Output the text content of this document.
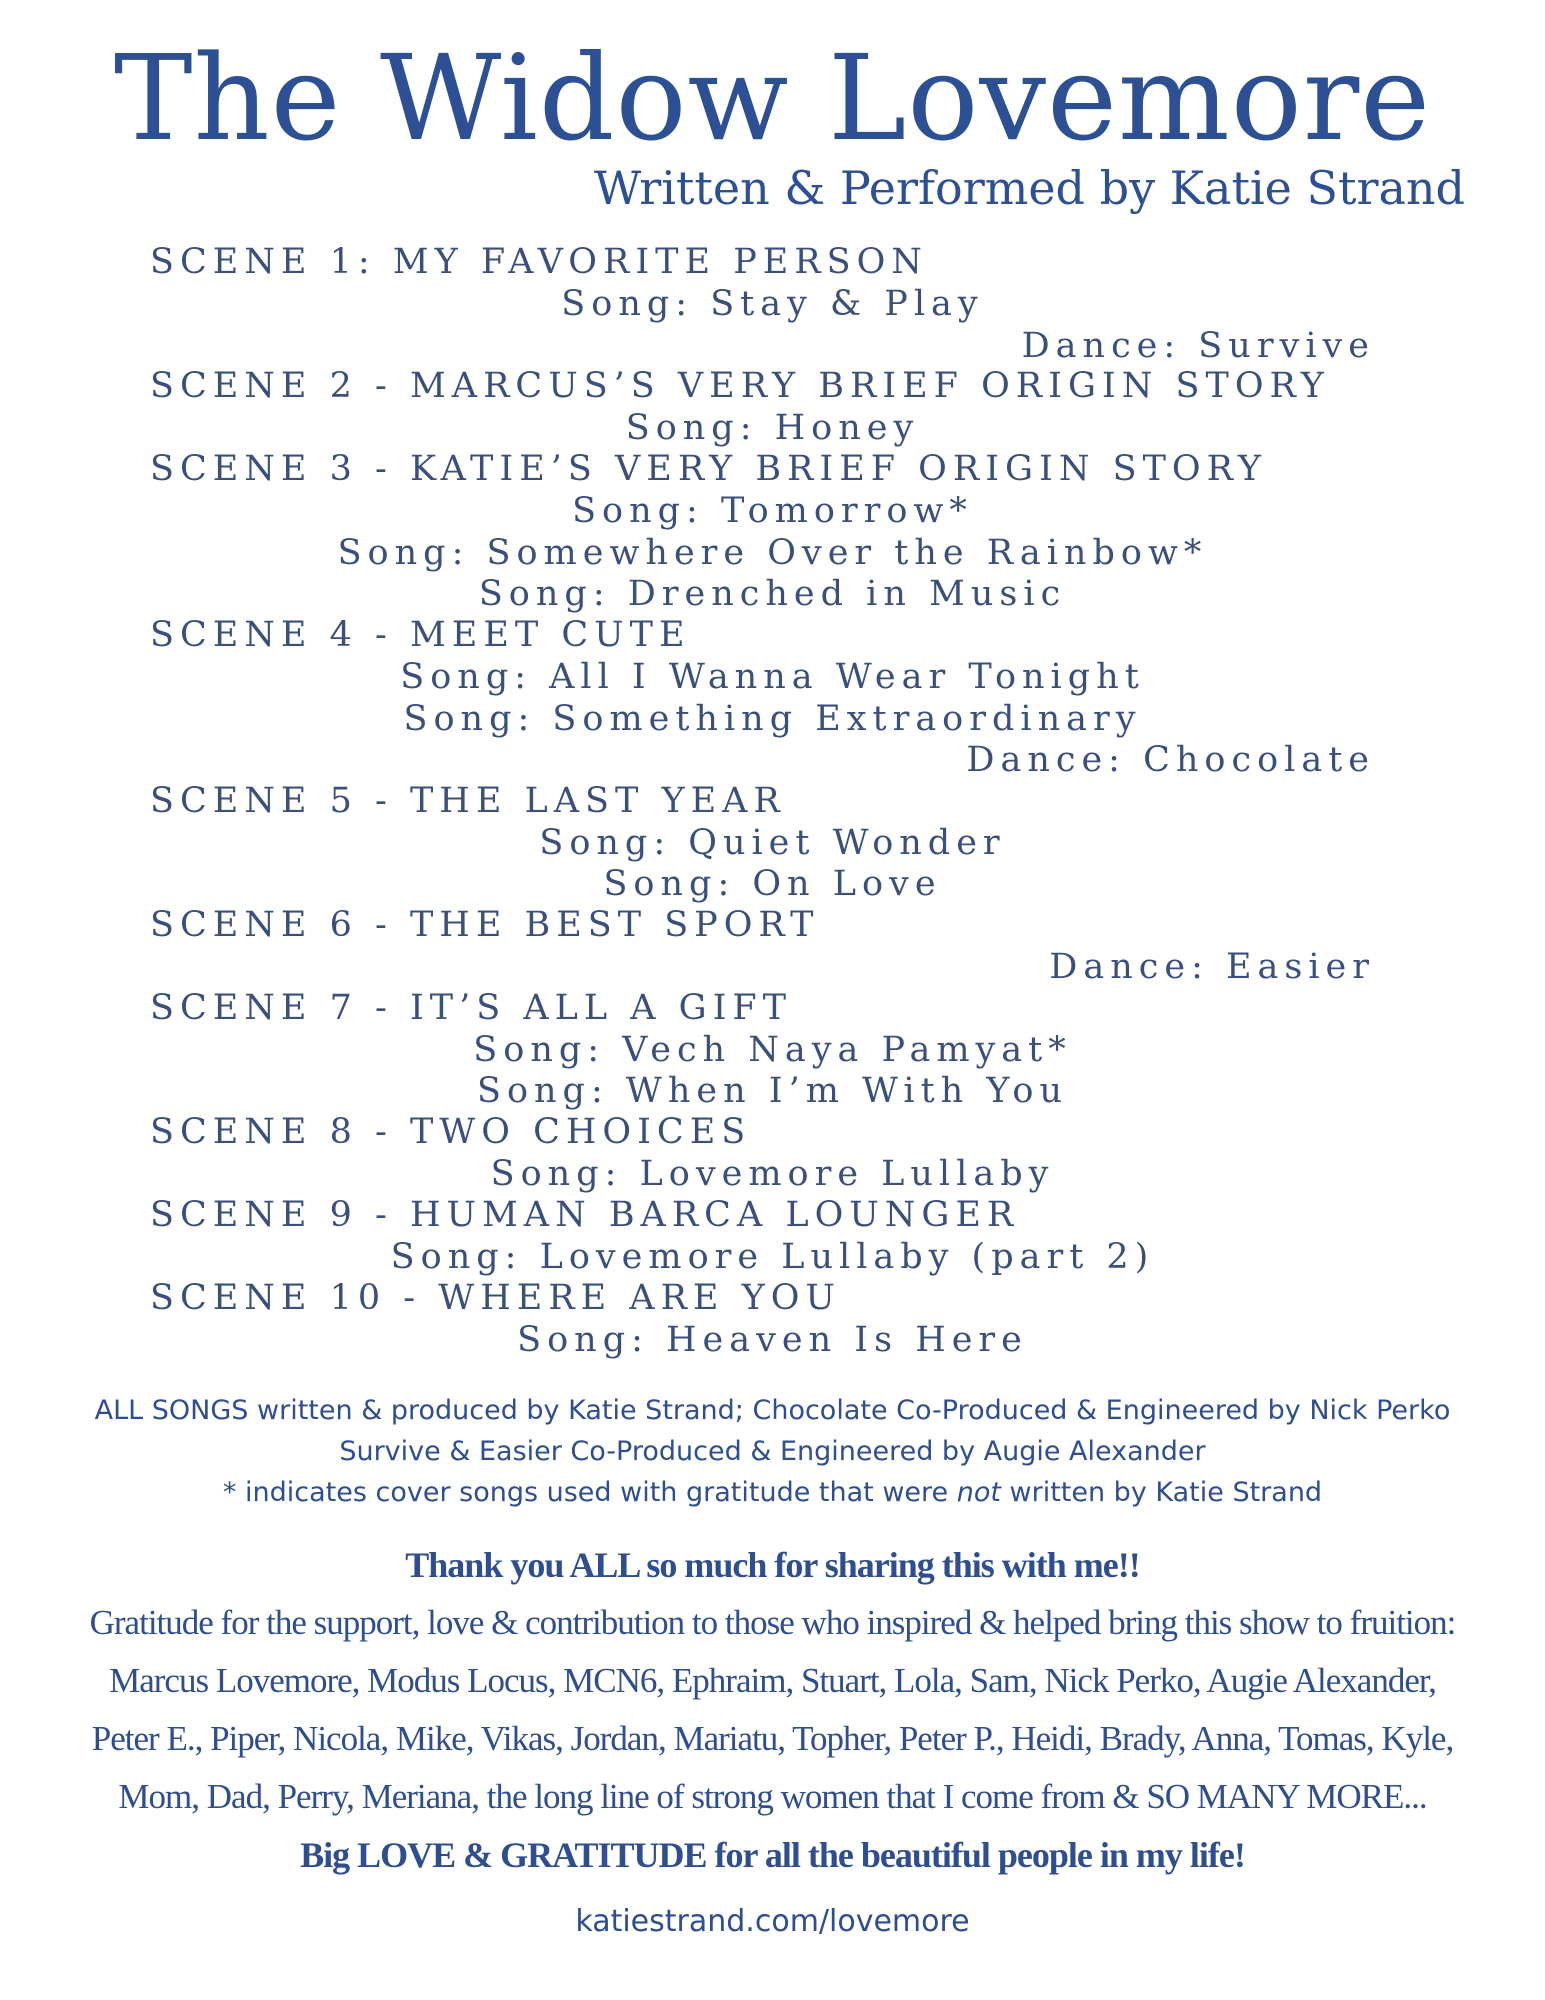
The Widow Lovemore
Written & Performed by Katie Strand

SCENE 1: MY FAVORITE PERSON

Song: Stay & Play

Dance: Survive

SCENE 2 - MARCUS’S VERY BRIEF ORIGIN STORY

Song: Honey

SCENE 3 - KATIE’S VERY BRIEF ORIGIN STORY

Song: Tomorrow*

Song: Somewhere Over the Rainbow*

Song: Drenched in Music

SCENE 4 - MEET CUTE

Song: All I Wanna Wear Tonight

Song: Something Extraordinary

Dance: Chocolate

SCENE 5 - THE LAST YEAR

Song: Quiet Wonder

Song: On Love

SCENE 6 - THE BEST SPORT

Dance: Easier

SCENE 7 - IT’S ALL A GIFT

Song: Vech Naya Pamyat*

Song: When I’m With You

SCENE 8 - TWO CHOICES

Song: Lovemore Lullaby

SCENE 9 - HUMAN BARCA LOUNGER

Song: Lovemore Lullaby (part 2)

SCENE 10 - WHERE ARE YOU

Song: Heaven Is Here

ALL SONGS written & produced by Katie Strand; Chocolate Co-Produced & Engineered by Nick Perko

Survive & Easier Co-Produced & Engineered by Augie Alexander

* indicates cover songs used with gratitude that were not written by Katie Strand

Thank you ALL so much for sharing this with me!!

Gratitude for the support, love & contribution to those who inspired & helped bring this show to fruition:

Marcus Lovemore, Modus Locus, MCN6, Ephraim, Stuart, Lola, Sam, Nick Perko, Augie Alexander,

Peter E., Piper, Nicola, Mike, Vikas, Jordan, Mariatu, Topher, Peter P., Heidi, Brady, Anna, Tomas, Kyle,

Mom, Dad, Perry, Meriana, the long line of strong women that I come from & SO MANY MORE...

Big LOVE & GRATITUDE for all the beautiful people in my life!

katiestrand.com/lovemore
